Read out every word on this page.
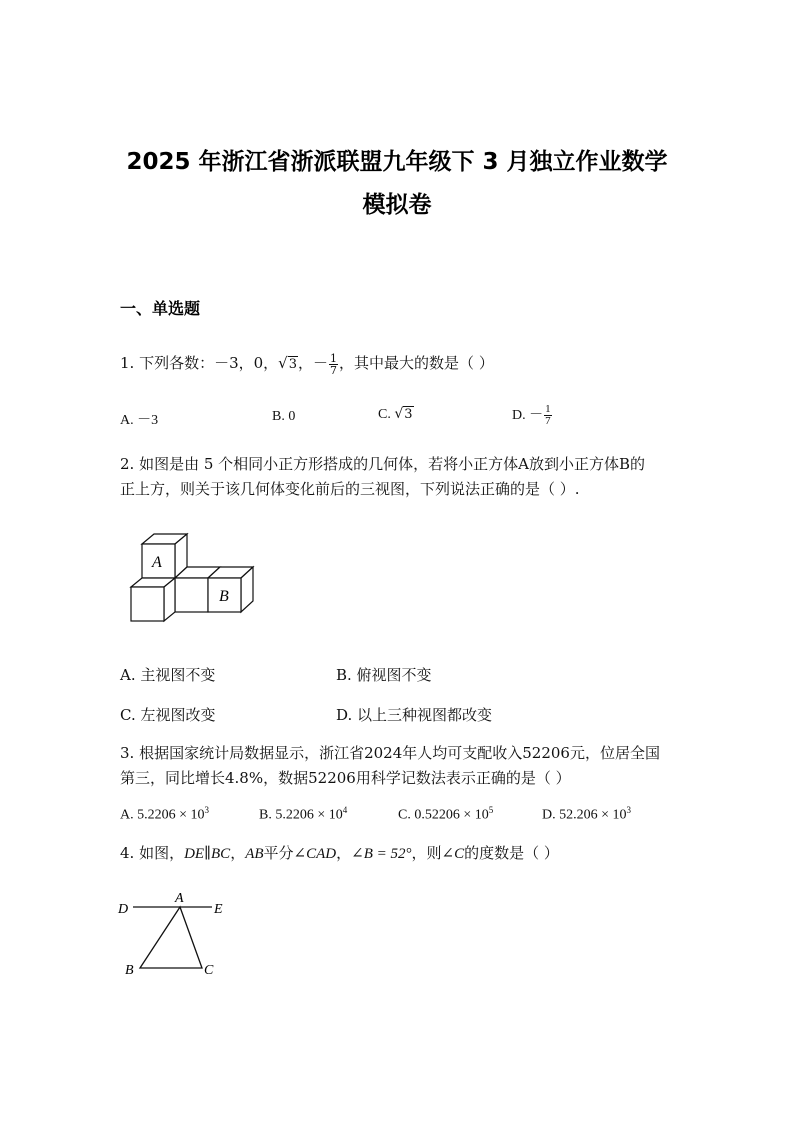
2025 年浙江省浙派联盟九年级下 3 月独立作业数学
模拟卷
一、单选题
1. 下列各数：－3，0，√3，－ $\frac{1}{7}$ ，其中最大的数是（ ）
A. －3	B. 0	C. √3	D. － $\frac{1}{7}$
2. 如图是由 5 个相同小正方形搭成的几何体，若将小正方体A放到小正方体B的
正上方，则关于该几何体变化前后的三视图，下列说法正确的是（ ）.
A
B
A. 主视图不变	B. 俯视图不变
C. 左视图改变	D. 以上三种视图都改变
3. 根据国家统计局数据显示，浙江省2024年人均可支配收入52206元，位居全国
第三，同比增长4.8%，数据52206用科学记数法表示正确的是（ ）
A. $5.2206 \times 10^3$	B. $5.2206 \times 10^4$	C. $0.52206 \times 10^5$	D. $52.206 \times 10^3$
4. 如图，DE∥BC，AB平分∠CAD，∠B = 52°，则∠C的度数是（ ）
D
A
E
B	C
